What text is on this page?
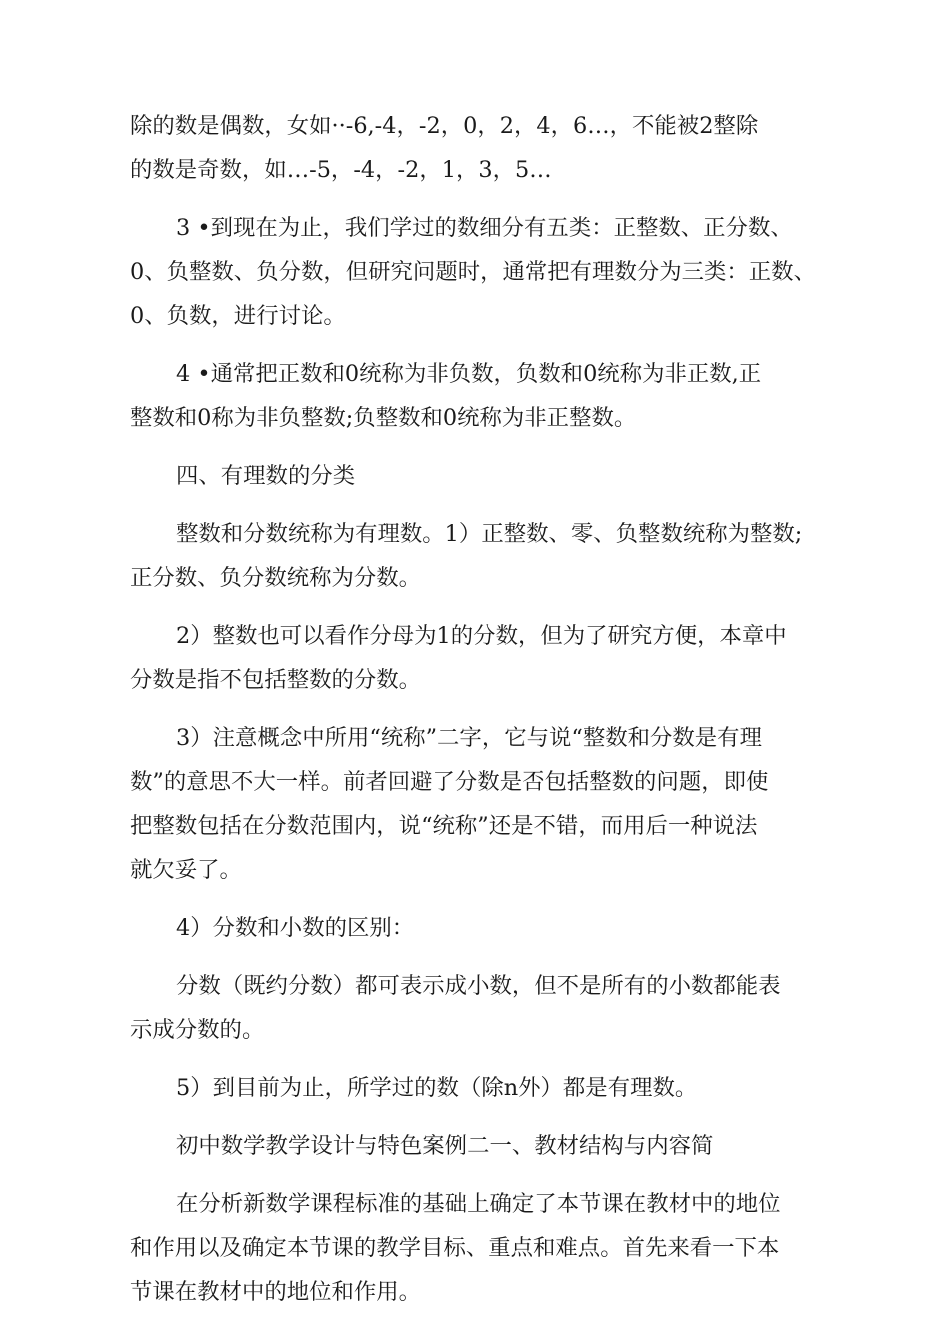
除的数是偶数，女如··-6,-4，-2，0，2，4，6…，不能被2整除
的数是奇数，如…-5，-4，-2，1，3，5…
3 •到现在为止，我们学过的数细分有五类：正整数、正分数、
0、负整数、负分数，但研究问题时，通常把有理数分为三类：正数、
0、负数，进行讨论。
4 •通常把正数和0统称为非负数，负数和0统称为非正数,正
整数和0称为非负整数;负整数和0统称为非正整数。
四、有理数的分类
整数和分数统称为有理数。1）正整数、零、负整数统称为整数;
正分数、负分数统称为分数。
2）整数也可以看作分母为1的分数，但为了研究方便，本章中
分数是指不包括整数的分数。
3）注意概念中所用“统称”二字，它与说“整数和分数是有理
数”的意思不大一样。前者回避了分数是否包括整数的问题，即使
把整数包括在分数范围内，说“统称”还是不错，而用后一种说法
就欠妥了。
4）分数和小数的区别：
分数（既约分数）都可表示成小数，但不是所有的小数都能表
示成分数的。
5）到目前为止，所学过的数（除n外）都是有理数。
初中数学教学设计与特色案例二一、教材结构与内容简
在分析新数学课程标准的基础上确定了本节课在教材中的地位
和作用以及确定本节课的教学目标、重点和难点。首先来看一下本
节课在教材中的地位和作用。
